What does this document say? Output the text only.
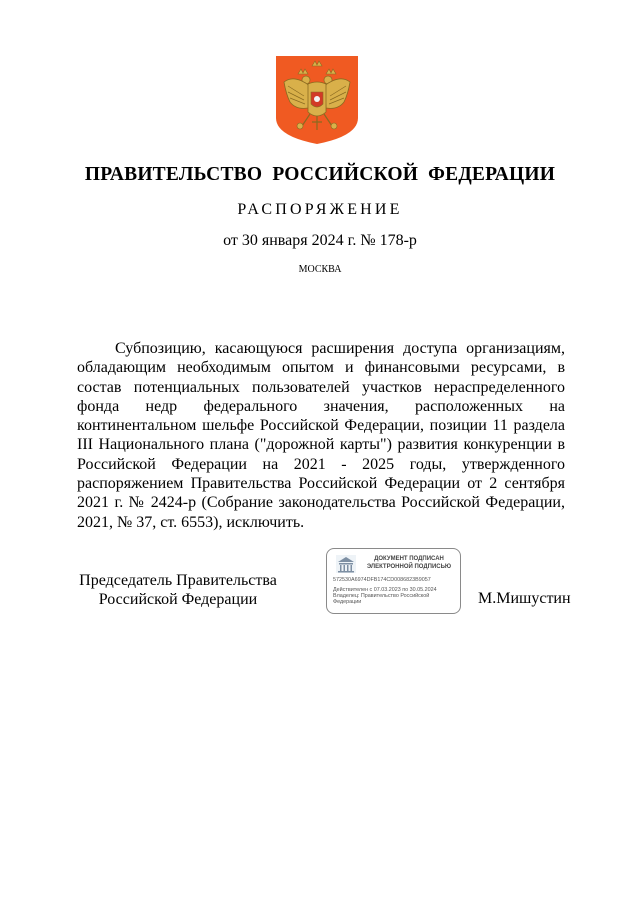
ПРАВИТЕЛЬСТВО РОССИЙСКОЙ ФЕДЕРАЦИИ
РАСПОРЯЖЕНИЕ
от 30 января 2024 г. № 178-р
МОСКВА

Субпозицию, касающуюся расширения доступа организациям, обладающим необходимым опытом и финансовыми ресурсами, в состав потенциальных пользователей участков нераспределенного фонда недр федерального значения, расположенных на континентальном шельфе Российской Федерации, позиции 11 раздела III Национального плана ("дорожной карты") развития конкуренции в Российской Федерации на 2021 - 2025 годы, утвержденного распоряжением Правительства Российской Федерации от 2 сентября 2021 г. № 2424-р (Собрание законодательства Российской Федерации, 2021, № 37, ст. 6553), исключить.

Председатель Правительства
Российской Федерации
ДОКУМЕНТ ПОДПИСАН
ЭЛЕКТРОННОЙ ПОДПИСЬЮ
572530A6974DFB174CD0086823B9057
Действителен с 07.03.2023 по 30.05.2024
Владелец: Правительство Российской Федерации	М.Мишустин
